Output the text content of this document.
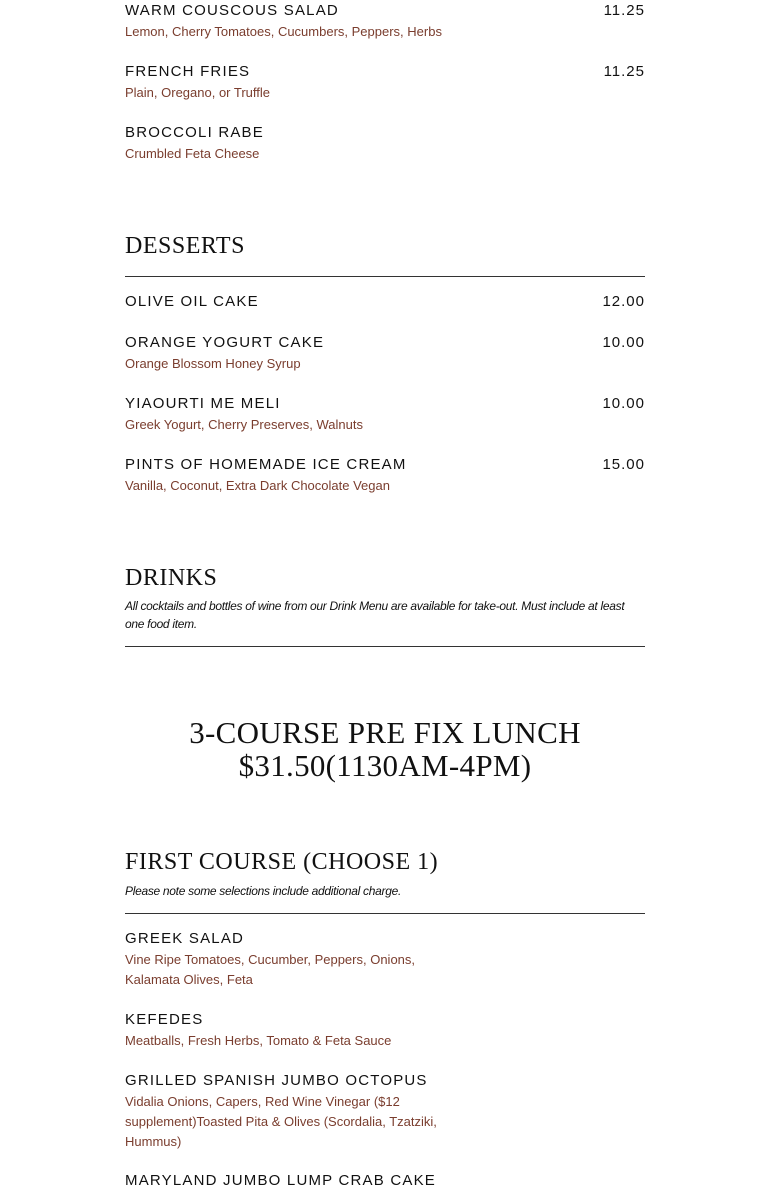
WARM COUSCOUS SALAD	11.25
Lemon, Cherry Tomatoes, Cucumbers, Peppers, Herbs
FRENCH FRIES	11.25
Plain, Oregano, or Truffle
BROCCOLI RABE
Crumbled Feta Cheese
DESSERTS
OLIVE OIL CAKE	12.00
ORANGE YOGURT CAKE	10.00
Orange Blossom Honey Syrup
YIAOURTI ME MELI	10.00
Greek Yogurt, Cherry Preserves, Walnuts
PINTS OF HOMEMADE ICE CREAM	15.00
Vanilla, Coconut, Extra Dark Chocolate Vegan
DRINKS
All cocktails and bottles of wine from our Drink Menu are available for take-out. Must include at least one food item.
FIRST COURSE (CHOOSE 1)
Please note some selections include additional charge.
GREEK SALAD
Vine Ripe Tomatoes, Cucumber, Peppers, Onions, Kalamata Olives, Feta
KEFEDES
Meatballs, Fresh Herbs, Tomato & Feta Sauce
GRILLED SPANISH JUMBO OCTOPUS
Vidalia Onions, Capers, Red Wine Vinegar ($12 supplement)Toasted Pita & Olives (Scordalia, Tzatziki, Hummus)
MARYLAND JUMBO LUMP CRAB CAKE
3-COURSE PRE FIX LUNCH
$31.50(1130AM-4PM)
